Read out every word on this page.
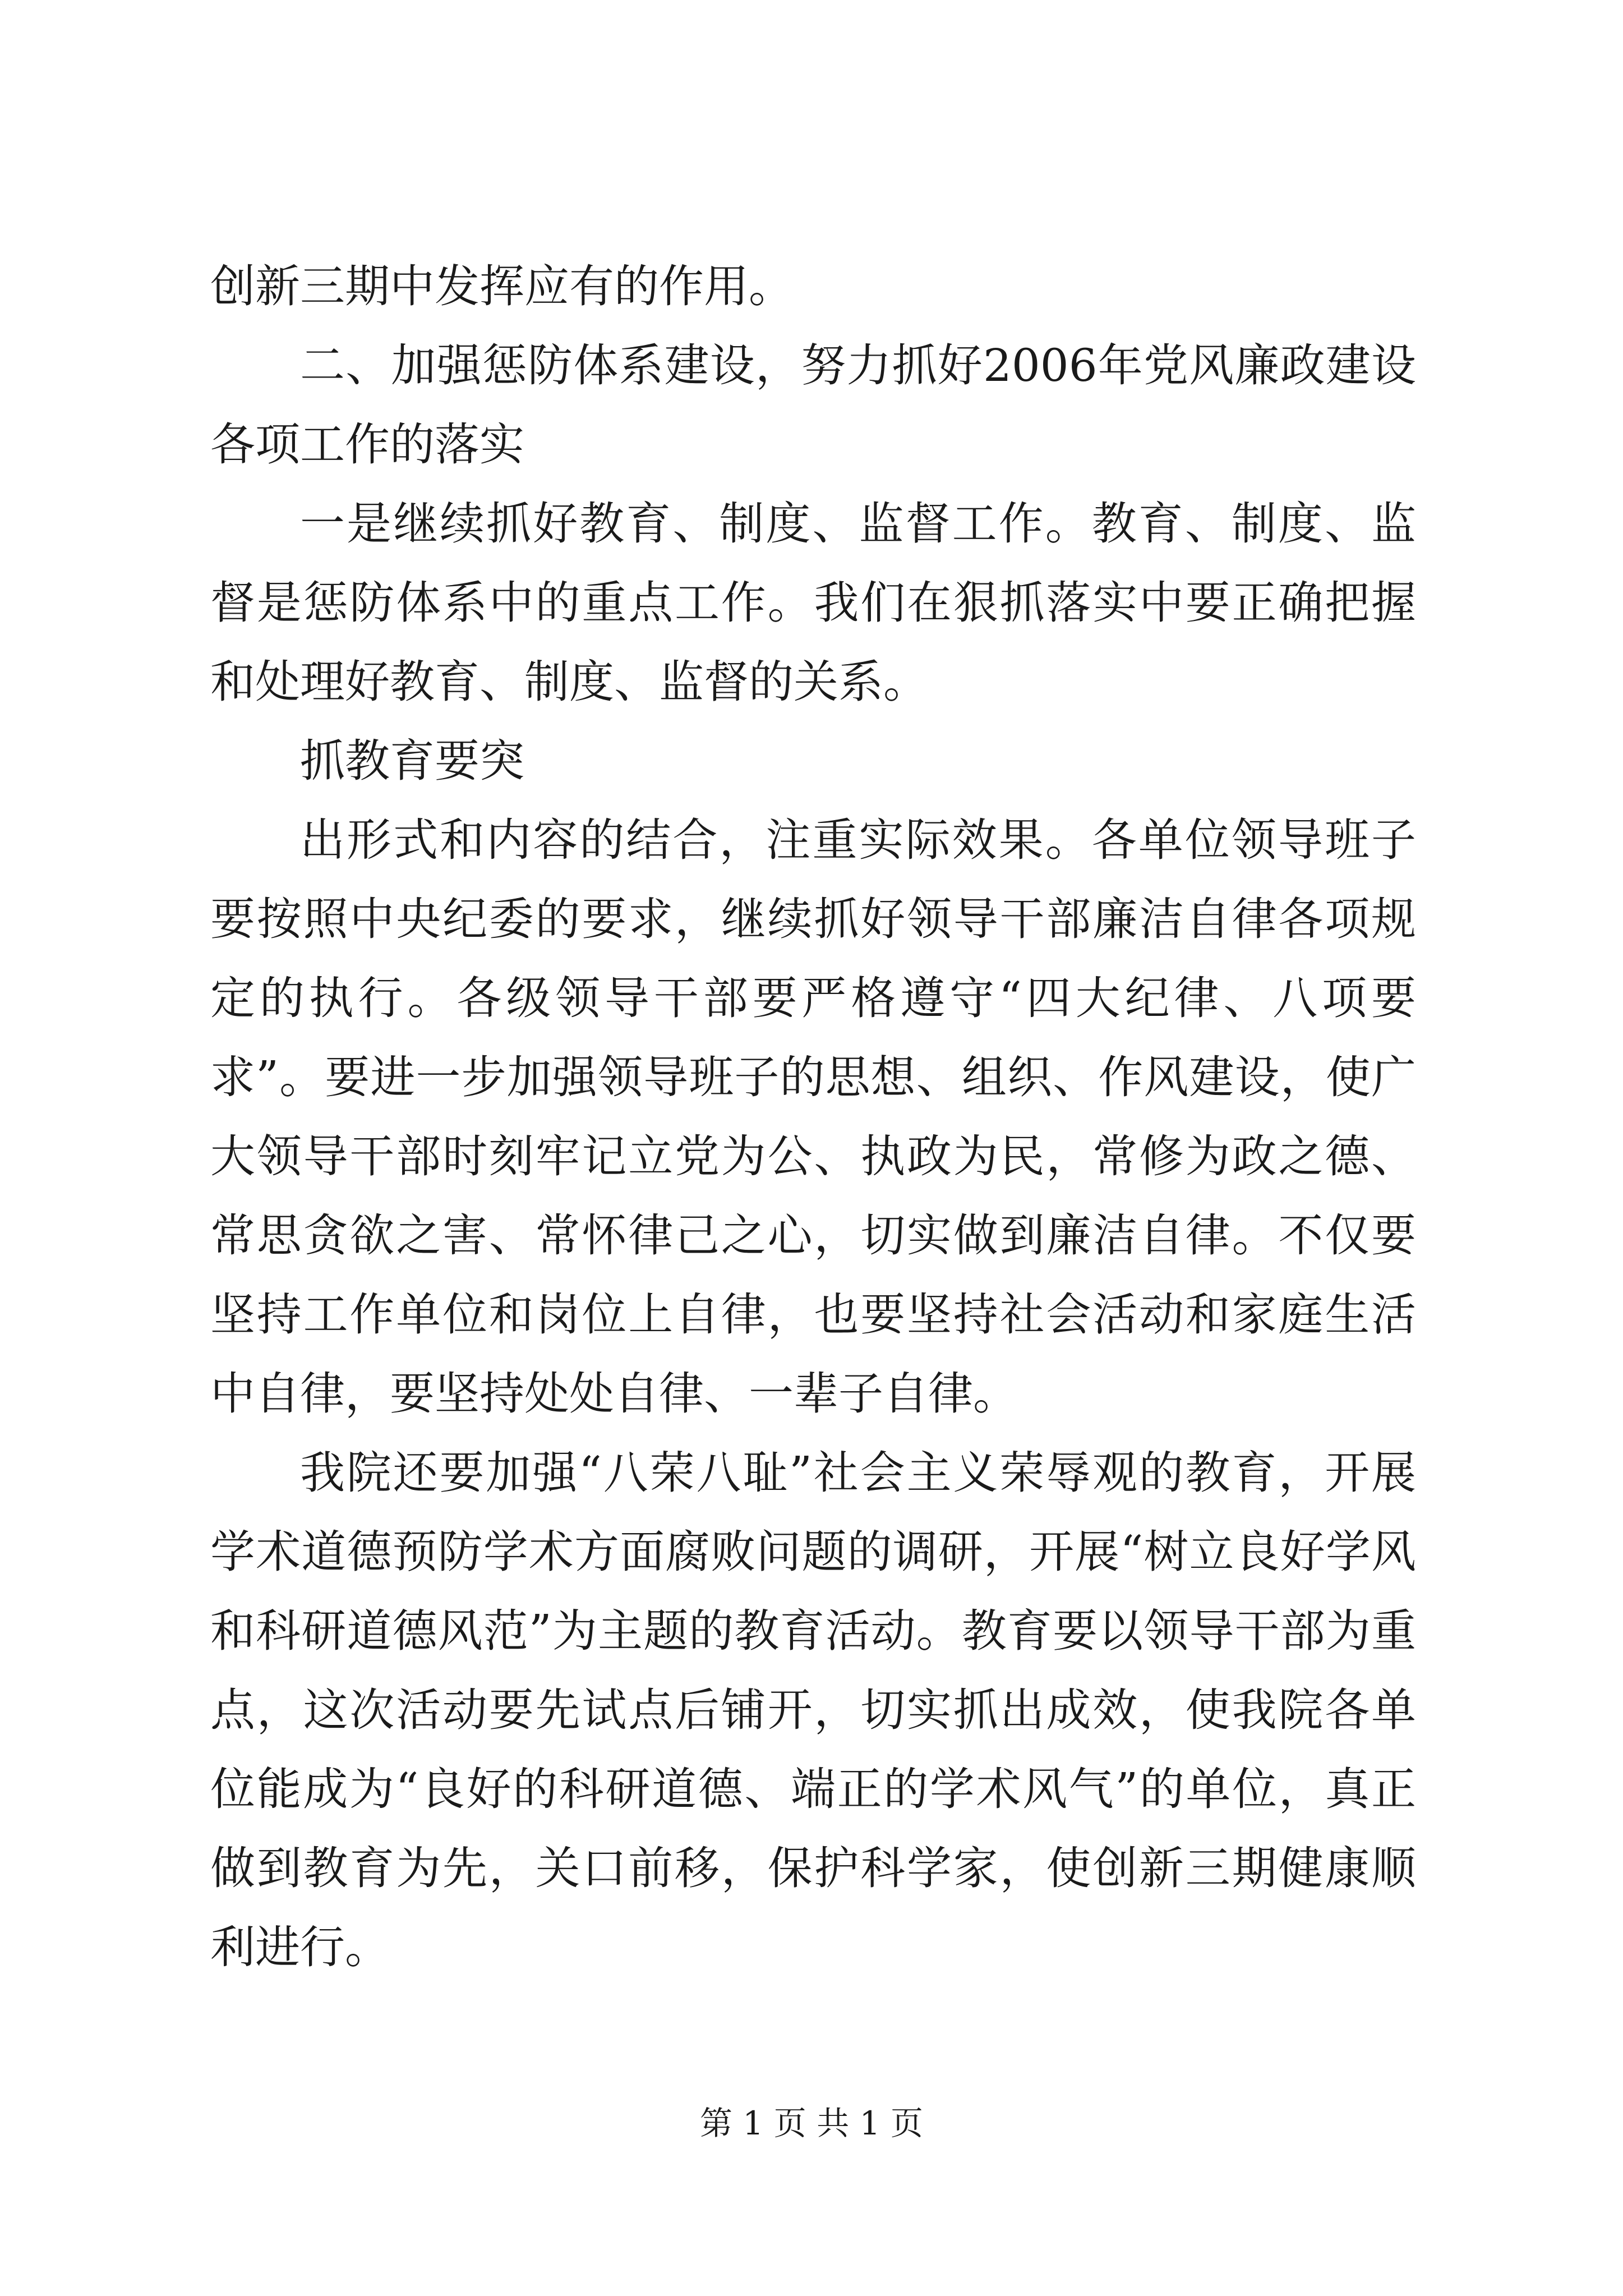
创新三期中发挥应有的作用。

二、加强惩防体系建设，努力抓好2006年党风廉政建设各项工作的落实

一是继续抓好教育、制度、监督工作。教育、制度、监督是惩防体系中的重点工作。我们在狠抓落实中要正确把握和处理好教育、制度、监督的关系。

抓教育要突

出形式和内容的结合，注重实际效果。各单位领导班子要按照中央纪委的要求，继续抓好领导干部廉洁自律各项规定的执行。各级领导干部要严格遵守“四大纪律、八项要求”。要进一步加强领导班子的思想、组织、作风建设，使广大领导干部时刻牢记立党为公、执政为民，常修为政之德、常思贪欲之害、常怀律己之心，切实做到廉洁自律。不仅要坚持工作单位和岗位上自律，也要坚持社会活动和家庭生活中自律，要坚持处处自律、一辈子自律。

我院还要加强“八荣八耻”社会主义荣辱观的教育，开展学术道德预防学术方面腐败问题的调研，开展“树立良好学风和科研道德风范”为主题的教育活动。教育要以领导干部为重点，这次活动要先试点后铺开，切实抓出成效，使我院各单位能成为“良好的科研道德、端正的学术风气”的单位，真正做到教育为先，关口前移，保护科学家，使创新三期健康顺利进行。

第 1 页 共 1 页
